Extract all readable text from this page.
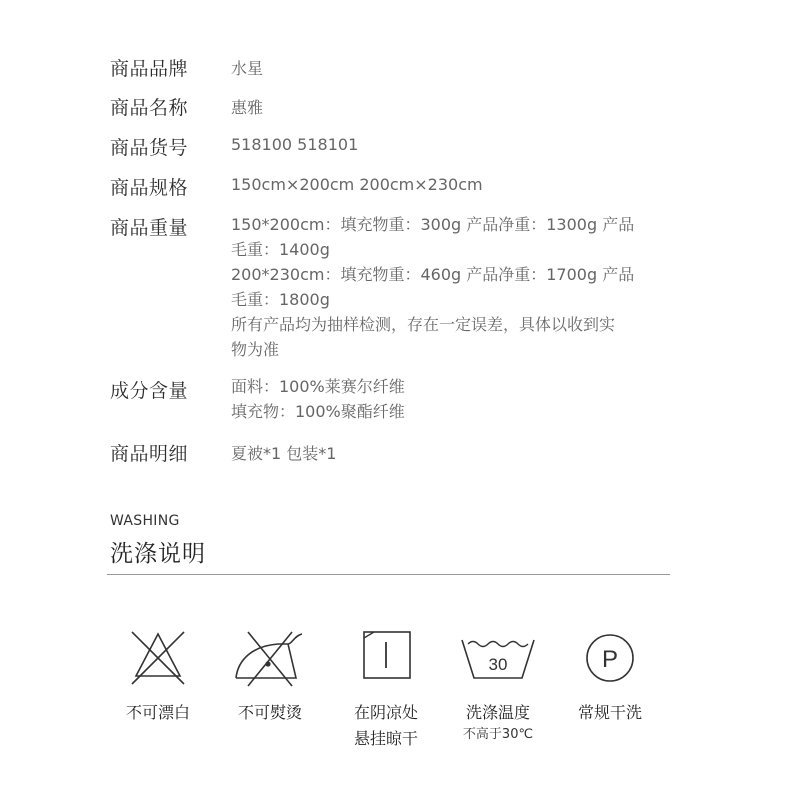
商品品牌	水星
商品名称	惠雅
商品货号	518100 518101
商品规格	150cm×200cm 200cm×230cm
商品重量	150*200cm：填充物重：300g 产品净重：1300g 产品
毛重：1400g
200*230cm：填充物重：460g 产品净重：1700g 产品
毛重：1800g
所有产品均为抽样检测，存在一定误差，具体以收到实
物为准
成分含量	面料：100%莱赛尔纤维
填充物：100%聚酯纤维
商品明细	夏被*1 包装*1
WASHING
洗涤说明
不可漂白	不可熨烫	在阴凉处
悬挂晾干
30
洗涤温度
不高于30℃
P
常规干洗
